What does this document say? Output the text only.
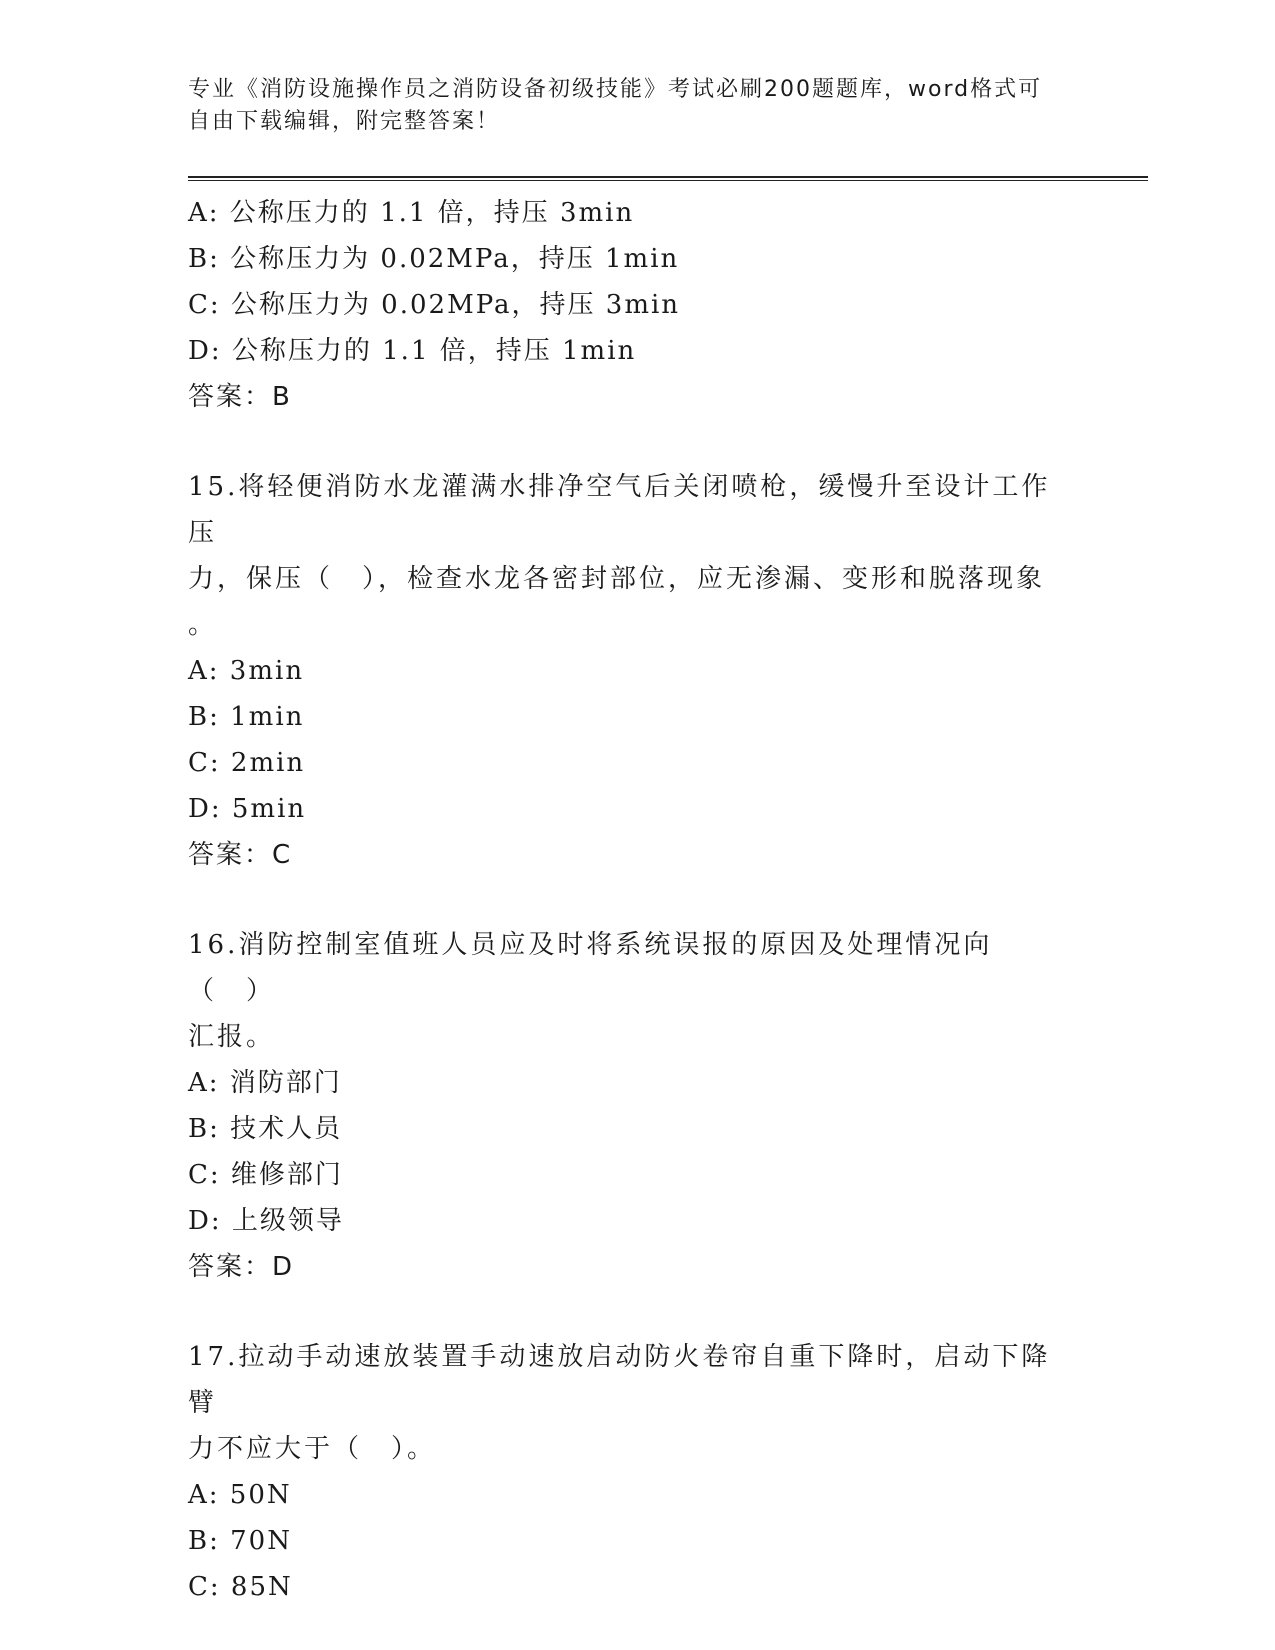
专业《消防设施操作员之消防设备初级技能》考试必刷200题题库，word格式可
自由下载编辑，附完整答案！
A: 公称压力的 1.1 倍，持压 3min
B: 公称压力为 0.02MPa，持压 1min
C: 公称压力为 0.02MPa，持压 3min
D: 公称压力的 1.1 倍，持压 1min
答案：B
15.将轻便消防水龙灌满水排净空气后关闭喷枪，缓慢升至设计工作压
力，保压（　），检查水龙各密封部位，应无渗漏、变形和脱落现象
。
A: 3min
B: 1min
C: 2min
D: 5min
答案：C
16.消防控制室值班人员应及时将系统误报的原因及处理情况向（　）
汇报。
A: 消防部门
B: 技术人员
C: 维修部门
D: 上级领导
答案：D
17.拉动手动速放装置手动速放启动防火卷帘自重下降时，启动下降臂
力不应大于（　）。
A: 50N
B: 70N
C: 85N
